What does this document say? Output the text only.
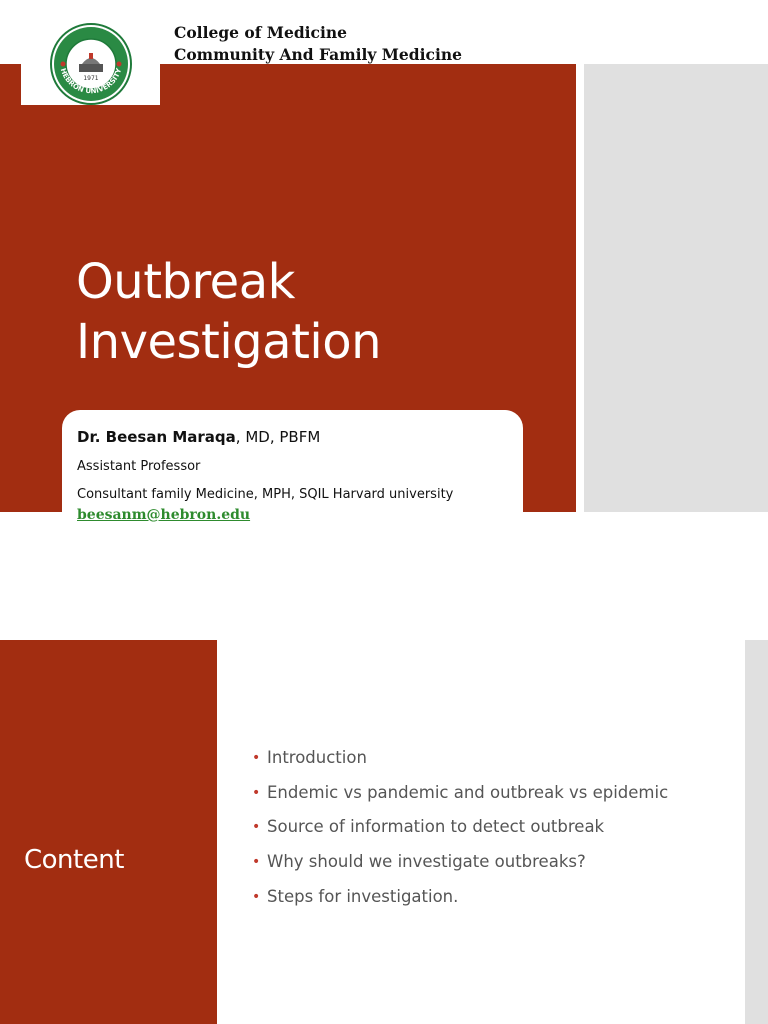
1971
HEBRON UNIVERSITY
College of Medicine
Community And Family Medicine
Outbreak
Investigation
Dr. Beesan Maraqa, MD, PBFM
Assistant Professor
Consultant family Medicine, MPH, SQIL Harvard university
beesanm@hebron.edu
Content
• Introduction
• Endemic vs pandemic and outbreak vs epidemic
• Source of information to detect outbreak
• Why should we investigate outbreaks?
• Steps for investigation.
